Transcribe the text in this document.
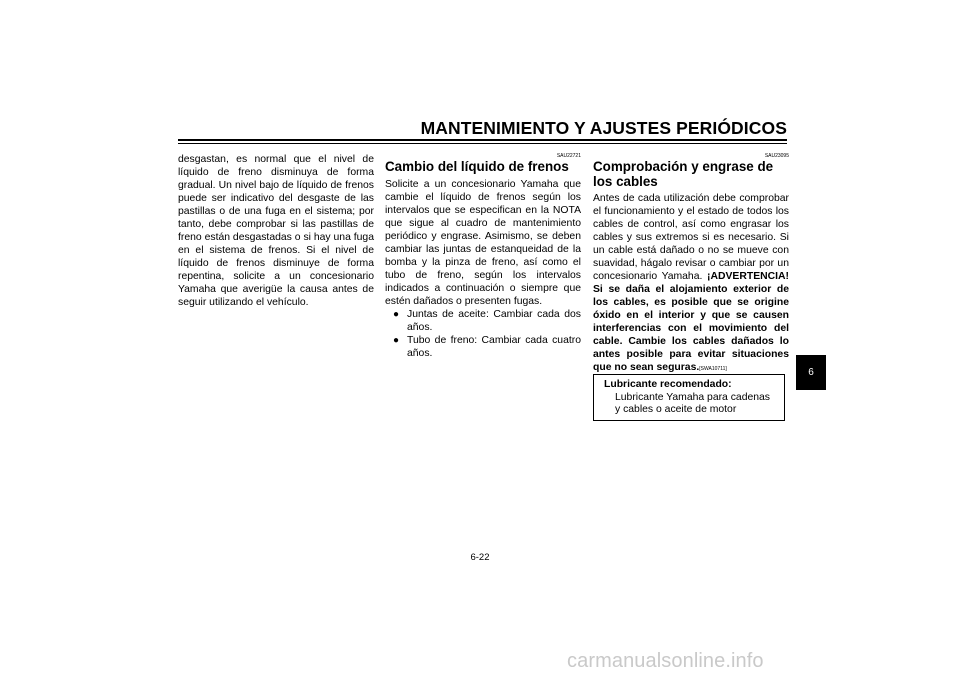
MANTENIMIENTO Y AJUSTES PERIÓDICOS
desgastan, es normal que el nivel de líquido de freno disminuya de forma gradual. Un nivel bajo de líquido de frenos puede ser indicativo del desgaste de las pastillas o de una fuga en el sistema; por tanto, debe comprobar si las pastillas de freno están desgastadas o si hay una fuga en el sistema de frenos. Si el nivel de líquido de frenos disminuye de forma repentina, solicite a un concesionario Yamaha que averigüe la causa antes de seguir utilizando el vehículo.
SAU22721
Cambio del líquido de frenos
Solicite a un concesionario Yamaha que cambie el líquido de frenos según los intervalos que se especifican en la NOTA que sigue al cuadro de mantenimiento periódico y engrase. Asimismo, se deben cambiar las juntas de estanqueidad de la bomba y la pinza de freno, así como el tubo de freno, según los intervalos indicados a continuación o siempre que estén dañados o presenten fugas.
● Juntas de aceite: Cambiar cada dos años.
● Tubo de freno: Cambiar cada cuatro años.
SAU23095
Comprobación y engrase de los cables
Antes de cada utilización debe comprobar el funcionamiento y el estado de todos los cables de control, así como engrasar los cables y sus extremos si es necesario. Si un cable está dañado o no se mueve con suavidad, hágalo revisar o cambiar por un concesionario Yamaha. ¡ADVERTENCIA! Si se daña el alojamiento exterior de los cables, es posible que se origine óxido en el interior y que se causen interferencias con el movimiento del cable. Cambie los cables dañados lo antes posible para evitar situaciones que no sean seguras.[SWA10711]
Lubricante recomendado:
Lubricante Yamaha para cadenas y cables o aceite de motor
6
6-22
carmanualsonline.info
